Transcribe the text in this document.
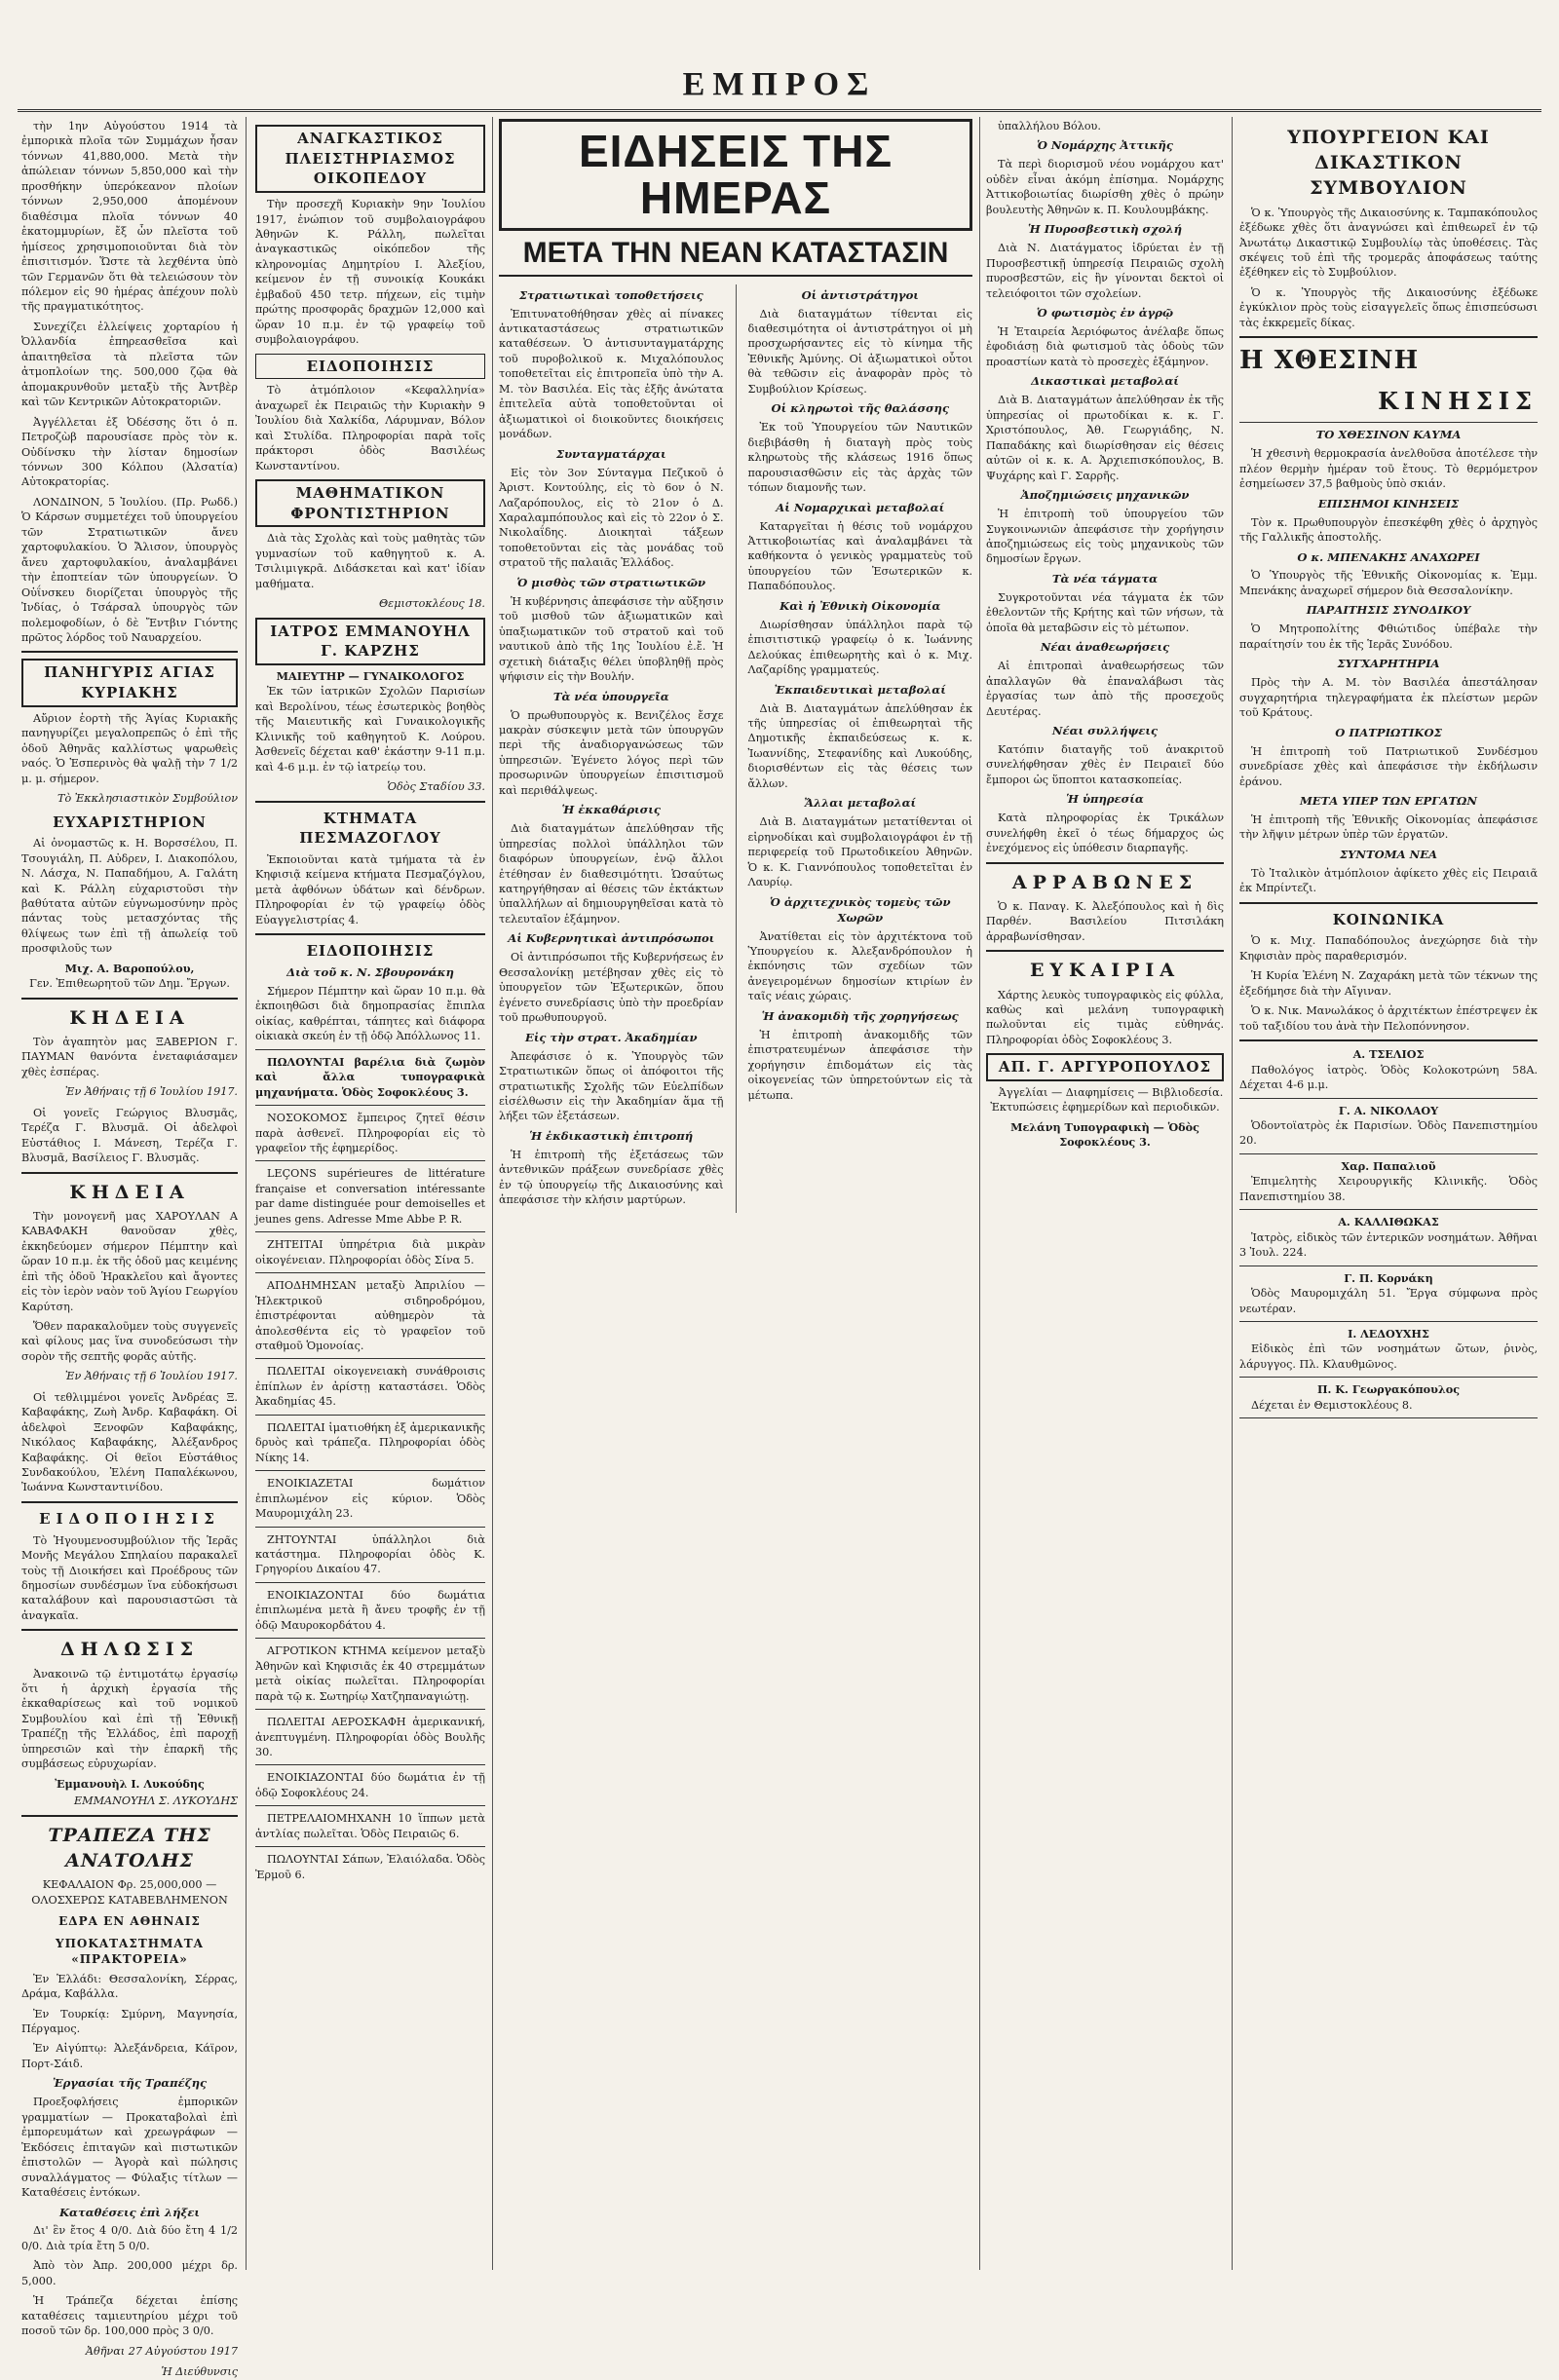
ΕΜΠΡΟΣ

τὴν 1ην Αὐγούστου 1914 τὰ ἐμπορικὰ πλοῖα τῶν Συμμάχων ἦσαν τόννων 41,880,000. Μετὰ τὴν ἀπώλειαν τόννων 5,850,000 καὶ τὴν προσθήκην ὑπερόκεανον πλοίων τόννων 2,950,000 ἀπομένουν διαθέσιμα πλοῖα τόννων 40 ἑκατομμυρίων, ἔξ ὧν πλεῖστα τοῦ ἡμίσεος χρησιμοποιοῦνται διὰ τὸν ἐπισιτισμόν. Ὥστε τὰ λεχθέντα ὑπὸ τῶν Γερμανῶν ὅτι θὰ τελειώσουν τὸν πόλεμον εἰς 90 ἡμέρας ἀπέχουν πολὺ τῆς πραγματικότητος.

Συνεχίζει ἐλλείψεις χορταρίου ἡ Ὀλλανδία ἐπηρεασθεῖσα καὶ ἀπαιτηθεῖσα τὰ πλεῖστα τῶν ἀτμοπλοίων της. 500,000 ζῷα θὰ ἀπομακρυνθοῦν μεταξὺ τῆς Ἀντβὲρ καὶ τῶν Κεντρικῶν Αὐτοκρατοριῶν.

Ἀγγέλλεται ἐξ Ὀδέσσης ὅτι ὁ π. Πετροζὼβ παρουσίασε πρὸς τὸν κ. Οὐδίνσκυ τὴν λίσταν δημοσίων τόννων 300 Κόλπου (Ἀλσατία) Αὐτοκρατορίας.

ΛΟΝΔΙΝΟΝ, 5 Ἰουλίου. (Πρ. Ρωδδ.) Ὁ Κάρσων συμμετέχει τοῦ ὑπουργείου τῶν Στρατιωτικῶν ἄνευ χαρτοφυλακίου. Ὁ Ἄλισον, ὑπουργὸς ἄνευ χαρτοφυλακίου, ἀναλαμβάνει τὴν ἐποπτείαν τῶν ὑπουργείων. Ὁ Οὐΐνσκευ διορίζεται ὑπουργὸς τῆς Ἰνδίας, ὁ Τσάρσαλ ὑπουργὸς τῶν πολεμοφοδίων, ὁ δὲ Ἔντβιν Γιόντης πρῶτος λόρδος τοῦ Ναυαρχείου.

ΠΑΝΗΓΥΡΙΣ ΑΓΙΑΣ ΚΥΡΙΑΚΗΣ

Αὔριον ἑορτὴ τῆς Ἁγίας Κυριακῆς πανηγυρίζει μεγαλοπρεπῶς ὁ ἐπὶ τῆς ὁδοῦ Ἀθηνᾶς καλλίστως ψαρωθεὶς ναός. Ὁ Ἑσπερινὸς θὰ ψαλῇ τὴν 7 1/2 μ. μ. σήμερον.

Τὸ Ἐκκλησιαστικὸν Συμβούλιον
ΕΥΧΑΡΙΣΤΗΡΙΟΝ

Αἱ ὀνομαστῶς κ. Η. Βορσσέλου, Π. Τσουγιάλη, Π. Αὐδρεν, Ι. Διακοπόλου, Ν. Λάσχα, Ν. Παπαδήμου, Α. Γαλάτη καὶ Κ. Ράλλη εὐχαριστοῦσι τὴν βαθύτατα αὐτῶν εὐγνωμοσύνην πρὸς πάντας τοὺς μετασχόντας τῆς θλίψεως των ἐπὶ τῇ ἀπωλείᾳ τοῦ προσφιλοῦς των

Μιχ. Α. Βαροπούλου,
Γεν. Ἐπιθεωρητοῦ τῶν Δημ. Ἔργων.
ΚΗΔΕΙΑ

Τὸν ἀγαπητὸν μας ΞΑΒΕΡΙΟΝ Γ. ΠΑΥΜΑΝ θανόντα ἐνεταφιάσαμεν χθὲς ἑσπέρας.

Ἐν Ἀθήναις τῇ 6 Ἰουλίου 1917.

Οἱ γονεῖς Γεώργιος Βλυσμᾶς, Τερέζα Γ. Βλυσμᾶ. Οἱ ἀδελφοὶ Εὐστάθιος Ι. Μάνεση, Τερέζα Γ. Βλυσμᾶ, Βασίλειος Γ. Βλυσμᾶς.

ΚΗΔΕΙΑ

Τὴν μονογενῆ μας ΧΑΡΟΥΛΑΝ Α ΚΑΒΑΦΑΚΗ θανοῦσαν χθὲς, ἐκκηδεύομεν σήμερον Πέμπτην καὶ ὥραν 10 π.μ. ἐκ τῆς ὁδοῦ μας κειμένης ἐπὶ τῆς ὁδοῦ Ἡρακλεῖου καὶ ἄγοντες εἰς τὸν ἱερὸν ναὸν τοῦ Ἁγίου Γεωργίου Καρύτση.

Ὅθεν παρακαλοῦμεν τοὺς συγγενεῖς καὶ φίλους μας ἵνα συνοδεύσωσι τὴν σορὸν τῆς σεπτῆς φορᾶς αὐτῆς.

Ἐν Ἀθήναις τῇ 6 Ἰουλίου 1917.

Οἱ τεθλιμμένοι γονεῖς Ἀνδρέας Ξ. Καβαφάκης, Ζωὴ Ἀνδρ. Καβαφάκη. Οἱ ἀδελφοὶ Ξενοφῶν Καβαφάκης, Νικόλαος Καβαφάκης, Ἀλέξανδρος Καβαφάκης. Οἱ θεῖοι Εὐστάθιος Συνδακούλου, Ἑλένη Παπαλέκωνου, Ἰωάννα Κωνσταντινίδου.

ΕΙΔΟΠΟΙΗΣΙΣ

Τὸ Ἡγουμενοσυμβούλιον τῆς Ἱερᾶς Μονῆς Μεγάλου Σπηλαίου παρακαλεῖ τοὺς τῇ Διοικήσει καὶ Προέδρους τῶν δημοσίων συνδέσμων ἵνα εὐδοκήσωσι καταλάβουν καὶ παρουσιαστῶσι τὰ ἀναγκαῖα.

ΔΗΛΩΣΙΣ

Ἀνακοινῶ τῷ ἐντιμοτάτῳ ἐργασίῳ ὅτι ἡ ἀρχικὴ ἐργασία τῆς ἐκκαθαρίσεως καὶ τοῦ νομικοῦ Συμβουλίου καὶ ἐπὶ τῇ Ἐθνικῇ Τραπέζῃ τῆς Ἑλλάδος, ἐπὶ παροχῇ ὑπηρεσιῶν καὶ τὴν ἐπαρκῆ τῆς συμβάσεως εὐρυχωρίαν.

Ἐμμανουὴλ Ι. Λυκούδης
ΕΜΜΑΝΟΥΗΛ Σ. ΛΥΚΟΥΔΗΣ
ΤΡΑΠΕΖΑ ΤΗΣ ΑΝΑΤΟΛΗΣ
ΚΕΦΑΛΑΙΟΝ Φρ. 25,000,000 — ΟΛΟΣΧΕΡΩΣ ΚΑΤΑΒΕΒΛΗΜΕΝΟΝ
ΕΔΡΑ ΕΝ ΑΘΗΝΑΙΣ
ΥΠΟΚΑΤΑΣΤΗΜΑΤΑ «ΠΡΑΚΤΟΡΕΙΑ»

Ἐν Ἑλλάδι: Θεσσαλονίκη, Σέρρας, Δράμα, Καβάλλα.

Ἐν Τουρκίᾳ: Σμύρνη, Μαγνησία, Πέργαμος.

Ἐν Αἰγύπτῳ: Ἀλεξάνδρεια, Κάϊρον, Πορτ-Σάιδ.

Ἐργασίαι τῆς Τραπέζης

Προεξοφλήσεις ἐμπορικῶν γραμματίων — Προκαταβολαὶ ἐπὶ ἐμπορευμάτων καὶ χρεωγράφων — Ἐκδόσεις ἐπιταγῶν καὶ πιστωτικῶν ἐπιστολῶν — Ἀγορὰ καὶ πώλησις συναλλάγματος — Φύλαξις τίτλων — Καταθέσεις ἐντόκων.

Καταθέσεις ἐπὶ λήξει

Δι' ἓν ἔτος 4 0/0. Διὰ δύο ἔτη 4 1/2 0/0. Διὰ τρία ἔτη 5 0/0.

Ἀπὸ τὸν Ἀπρ. 200,000 μέχρι δρ. 5,000.

Ἡ Τράπεζα δέχεται ἐπίσης καταθέσεις ταμιευτηρίου μέχρι τοῦ ποσοῦ τῶν δρ. 100,000 πρὸς 3 0/0.

Ἀθῆναι 27 Αὐγούστου 1917
Ἡ Διεύθυνσις
ΑΝΑΓΚΑΣΤΙΚΟΣ ΠΛΕΙΣΤΗΡΙΑΣΜΟΣ ΟΙΚΟΠΕΔΟΥ

Τὴν προσεχῆ Κυριακὴν 9ην Ἰουλίου 1917, ἐνώπιον τοῦ συμβολαιογράφου Ἀθηνῶν Κ. Ράλλη, πωλεῖται ἀναγκαστικῶς οἰκόπεδον τῆς κληρονομίας Δημητρίου Ι. Ἀλεξίου, κείμενον ἐν τῇ συνοικίᾳ Κουκάκι ἐμβαδοῦ 450 τετρ. πήχεων, εἰς τιμὴν πρώτης προσφορᾶς δραχμῶν 12,000 καὶ ὥραν 10 π.μ. ἐν τῷ γραφείῳ τοῦ συμβολαιογράφου.

ΕΙΔΟΠΟΙΗΣΙΣ

Τὸ ἀτμόπλοιον «Κεφαλληνία» ἀναχωρεῖ ἐκ Πειραιῶς τὴν Κυριακὴν 9 Ἰουλίου διὰ Χαλκίδα, Λάρυμναν, Βόλον καὶ Στυλίδα. Πληροφορίαι παρὰ τοῖς πράκτορσι ὁδὸς Βασιλέως Κωνσταντίνου.

ΜΑΘΗΜΑΤΙΚΟΝ ΦΡΟΝΤΙΣΤΗΡΙΟΝ

Διὰ τὰς Σχολὰς καὶ τοὺς μαθητὰς τῶν γυμνασίων τοῦ καθηγητοῦ κ. Α. Τσιλιμιγκρᾶ. Διδάσκεται καὶ κατ' ἰδίαν μαθήματα.

Θεμιστοκλέους 18.
ΙΑΤΡΟΣ ΕΜΜΑΝΟΥΗΛ Γ. ΚΑΡΖΗΣ
ΜΑΙΕΥΤΗΡ — ΓΥΝΑΙΚΟΛΟΓΟΣ

Ἐκ τῶν ἰατρικῶν Σχολῶν Παρισίων καὶ Βερολίνου, τέως ἐσωτερικὸς βοηθὸς τῆς Μαιευτικῆς καὶ Γυναικολογικῆς Κλινικῆς τοῦ καθηγητοῦ Κ. Λούρου. Ἀσθενεῖς δέχεται καθ' ἑκάστην 9-11 π.μ. καὶ 4-6 μ.μ. ἐν τῷ ἰατρείῳ του.

Ὁδὸς Σταδίου 33.
ΚΤΗΜΑΤΑ ΠΕΣΜΑΖΟΓΛΟΥ

Ἐκποιοῦνται κατὰ τμήματα τὰ ἐν Κηφισιᾷ κείμενα κτήματα Πεσμαζόγλου, μετὰ ἀφθόνων ὑδάτων καὶ δένδρων. Πληροφορίαι ἐν τῷ γραφείῳ ὁδὸς Εὐαγγελιστρίας 4.

ΕΙΔΟΠΟΙΗΣΙΣ
Διὰ τοῦ κ. Ν. Σβουρονάκη

Σήμερον Πέμπτην καὶ ὥραν 10 π.μ. θὰ ἐκποιηθῶσι διὰ δημοπρασίας ἔπιπλα οἰκίας, καθρέπται, τάπητες καὶ διάφορα οἰκιακὰ σκεύη ἐν τῇ ὁδῷ Ἀπόλλωνος 11.

ΠΩΛΟΥΝΤΑΙ βαρέλια διὰ ζωμὸν καὶ ἄλλα τυπογραφικὰ μηχανήματα. Ὁδὸς Σοφοκλέους 3.

ΝΟΣΟΚΟΜΟΣ ἔμπειρος ζητεῖ θέσιν παρὰ ἀσθενεῖ. Πληροφορίαι εἰς τὸ γραφεῖον τῆς ἐφημερίδος.

LEÇONS supérieures de littérature française et conversation intéressante par dame distinguée pour demoiselles et jeunes gens. Adresse Mme Abbe P. R.

ΖΗΤΕΙΤΑΙ ὑπηρέτρια διὰ μικρὰν οἰκογένειαν. Πληροφορίαι ὁδὸς Σίνα 5.

ΑΠΟΔΗΜΗΣΑΝ μεταξὺ Ἀπριλίου — Ἡλεκτρικοῦ σιδηροδρόμου, ἐπιστρέφονται αὐθημερὸν τὰ ἀπολεσθέντα εἰς τὸ γραφεῖον τοῦ σταθμοῦ Ὁμονοίας.

ΠΩΛΕΙΤΑΙ οἰκογενειακὴ συνάθροισις ἐπίπλων ἐν ἀρίστῃ καταστάσει. Ὁδὸς Ἀκαδημίας 45.

ΠΩΛΕΙΤΑΙ ἱματιοθήκη ἐξ ἀμερικανικῆς δρυὸς καὶ τράπεζα. Πληροφορίαι ὁδὸς Νίκης 14.

ΕΝΟΙΚΙΑΖΕΤΑΙ δωμάτιον ἐπιπλωμένον εἰς κύριον. Ὁδὸς Μαυρομιχάλη 23.

ΖΗΤΟΥΝΤΑΙ ὑπάλληλοι διὰ κατάστημα. Πληροφορίαι ὁδὸς Κ. Γρηγορίου Δικαίου 47.

ΕΝΟΙΚΙΑΖΟΝΤΑΙ δύο δωμάτια ἐπιπλωμένα μετὰ ἢ ἄνευ τροφῆς ἐν τῇ ὁδῷ Μαυροκορδάτου 4.

ΑΓΡΟΤΙΚΟΝ ΚΤΗΜΑ κείμενον μεταξὺ Ἀθηνῶν καὶ Κηφισιᾶς ἐκ 40 στρεμμάτων μετὰ οἰκίας πωλεῖται. Πληροφορίαι παρὰ τῷ κ. Σωτηρίῳ Χατζηπαναγιώτῃ.

ΠΩΛΕΙΤΑΙ ΑΕΡΟΣΚΑΦΗ ἀμερικανική, ἀνεπτυγμένη. Πληροφορίαι ὁδὸς Βουλῆς 30.

ΕΝΟΙΚΙΑΖΟΝΤΑΙ δύο δωμάτια ἐν τῇ ὁδῷ Σοφοκλέους 24.

ΠΕΤΡΕΛΑΙΟΜΗΧΑΝΗ 10 ἵππων μετὰ ἀντλίας πωλεῖται. Ὁδὸς Πειραιῶς 6.

ΠΩΛΟΥΝΤΑΙ Σάπων, Ἐλαιόλαδα. Ὁδὸς Ἐρμοῦ 6.

ΕΙΔΗΣΕΙΣ ΤΗΣ ΗΜΕΡΑΣ
ΜΕΤΑ ΤΗΝ ΝΕΑΝ ΚΑΤΑΣΤΑΣΙΝ
Στρατιωτικαὶ τοποθετήσεις

Ἐπιτυνατοθήθησαν χθὲς αἱ πίνακες ἀντικαταστάσεως στρατιωτικῶν καταθέσεων. Ὁ ἀντισυνταγματάρχης τοῦ πυροβολικοῦ κ. Μιχαλόπουλος τοποθετεῖται εἰς ἐπιτροπεῖα ὑπὸ τὴν Α. Μ. τὸν Βασιλέα. Εἰς τὰς ἐξῆς ἀνώτατα ἐπιτελεῖα αὐτὰ τοποθετοῦνται οἱ ἀξιωματικοὶ οἱ διοικοῦντες διοικήσεις μονάδων.

Συνταγματάρχαι

Εἰς τὸν 3ον Σύνταγμα Πεζικοῦ ὁ Ἀριστ. Κοντούλης, εἰς τὸ 6ον ὁ Ν. Λαζαρόπουλος, εἰς τὸ 21ον ὁ Δ. Χαραλαμπόπουλος καὶ εἰς τὸ 22ον ὁ Σ. Νικολαΐδης. Διοικηταὶ τάξεων τοποθετοῦνται εἰς τὰς μονάδας τοῦ στρατοῦ τῆς παλαιᾶς Ἑλλάδος.

Ὁ μισθὸς τῶν στρατιωτικῶν

Ἡ κυβέρνησις ἀπεφάσισε τὴν αὔξησιν τοῦ μισθοῦ τῶν ἀξιωματικῶν καὶ ὑπαξιωματικῶν τοῦ στρατοῦ καὶ τοῦ ναυτικοῦ ἀπὸ τῆς 1ης Ἰουλίου ἐ.ἔ. Ἡ σχετικὴ διάταξις θέλει ὑποβληθῇ πρὸς ψήφισιν εἰς τὴν Βουλήν.

Τὰ νέα ὑπουργεῖα

Ὁ πρωθυπουργὸς κ. Βενιζέλος ἔσχε μακρὰν σύσκεψιν μετὰ τῶν ὑπουργῶν περὶ τῆς ἀναδιοργανώσεως τῶν ὑπηρεσιῶν. Ἐγένετο λόγος περὶ τῶν προσωρινῶν ὑπουργείων ἐπισιτισμοῦ καὶ περιθάλψεως.

Ἡ ἐκκαθάρισις

Διὰ διαταγμάτων ἀπελύθησαν τῆς ὑπηρεσίας πολλοὶ ὑπάλληλοι τῶν διαφόρων ὑπουργείων, ἐνῷ ἄλλοι ἐτέθησαν ἐν διαθεσιμότητι. Ὡσαύτως κατηργήθησαν αἱ θέσεις τῶν ἐκτάκτων ὑπαλλήλων αἱ δημιουργηθεῖσαι κατὰ τὸ τελευταῖον ἑξάμηνον.

Αἱ Κυβερνητικαὶ ἀντιπρόσωποι

Οἱ ἀντιπρόσωποι τῆς Κυβερνήσεως ἐν Θεσσαλονίκῃ μετέβησαν χθὲς εἰς τὸ ὑπουργεῖον τῶν Ἐξωτερικῶν, ὅπου ἐγένετο συνεδρίασις ὑπὸ τὴν προεδρίαν τοῦ πρωθυπουργοῦ.

Εἰς τὴν στρατ. Ἀκαδημίαν

Ἀπεφάσισε ὁ κ. Ὑπουργὸς τῶν Στρατιωτικῶν ὅπως οἱ ἀπόφοιτοι τῆς στρατιωτικῆς Σχολῆς τῶν Εὐελπίδων εἰσέλθωσιν εἰς τὴν Ἀκαδημίαν ἅμα τῇ λήξει τῶν ἐξετάσεων.

Ἡ ἐκδικαστικὴ ἐπιτροπή

Ἡ ἐπιτροπὴ τῆς ἐξετάσεως τῶν ἀντεθνικῶν πράξεων συνεδρίασε χθὲς ἐν τῷ ὑπουργείῳ τῆς Δικαιοσύνης καὶ ἀπεφάσισε τὴν κλήσιν μαρτύρων.

Οἱ ἀντιστράτηγοι

Διὰ διαταγμάτων τίθενται εἰς διαθεσιμότητα οἱ ἀντιστράτηγοι οἱ μὴ προσχωρήσαντες εἰς τὸ κίνημα τῆς Ἐθνικῆς Ἀμύνης. Οἱ ἀξιωματικοὶ οὗτοι θὰ τεθῶσιν εἰς ἀναφορὰν πρὸς τὸ Συμβούλιον Κρίσεως.

Οἱ κληρωτοὶ τῆς θαλάσσης

Ἐκ τοῦ Ὑπουργείου τῶν Ναυτικῶν διεβιβάσθη ἡ διαταγὴ πρὸς τοὺς κληρωτοὺς τῆς κλάσεως 1916 ὅπως παρουσιασθῶσιν εἰς τὰς ἀρχὰς τῶν τόπων διαμονῆς των.

Αἱ Νομαρχικαὶ μεταβολαί

Καταργεῖται ἡ θέσις τοῦ νομάρχου Ἀττικοβοιωτίας καὶ ἀναλαμβάνει τὰ καθήκοντα ὁ γενικὸς γραμματεὺς τοῦ ὑπουργείου τῶν Ἐσωτερικῶν κ. Παπαδόπουλος.

Καὶ ἡ Ἐθνικὴ Οἰκονομία

Διωρίσθησαν ὑπάλληλοι παρὰ τῷ ἐπισιτιστικῷ γραφείῳ ὁ κ. Ἰωάννης Δελούκας ἐπιθεωρητὴς καὶ ὁ κ. Μιχ. Λαζαρίδης γραμματεύς.

Ἐκπαιδευτικαὶ μεταβολαί

Διὰ Β. Διαταγμάτων ἀπελύθησαν ἐκ τῆς ὑπηρεσίας οἱ ἐπιθεωρηταὶ τῆς Δημοτικῆς ἐκπαιδεύσεως κ. κ. Ἰωαννίδης, Στεφανίδης καὶ Λυκούδης, διορισθέντων εἰς τὰς θέσεις των ἄλλων.

Ἄλλαι μεταβολαί

Διὰ Β. Διαταγμάτων μετατίθενται οἱ εἰρηνοδίκαι καὶ συμβολαιογράφοι ἐν τῇ περιφερείᾳ τοῦ Πρωτοδικείου Ἀθηνῶν. Ὁ κ. Κ. Γιαννόπουλος τοποθετεῖται ἐν Λαυρίῳ.

Ὁ ἀρχιτεχνικὸς τομεὺς τῶν Χωρῶν

Ἀνατίθεται εἰς τὸν ἀρχιτέκτονα τοῦ Ὑπουργείου κ. Ἀλεξανδρόπουλον ἡ ἐκπόνησις τῶν σχεδίων τῶν ἀνεγειρομένων δημοσίων κτιρίων ἐν ταῖς νέαις χώραις.

Ἡ ἀνακομιδὴ τῆς χορηγήσεως

Ἡ ἐπιτροπὴ ἀνακομιδῆς τῶν ἐπιστρατευμένων ἀπεφάσισε τὴν χορήγησιν ἐπιδομάτων εἰς τὰς οἰκογενείας τῶν ὑπηρετούντων εἰς τὰ μέτωπα.

ὑπαλλήλου Βόλου.

Ὁ Νομάρχης Ἀττικῆς

Τὰ περὶ διορισμοῦ νέου νομάρχου κατ' οὐδὲν εἶναι ἀκόμη ἐπίσημα. Νομάρχης Ἀττικοβοιωτίας διωρίσθη χθὲς ὁ πρώην βουλευτὴς Ἀθηνῶν κ. Π. Κουλουμβάκης.

Ἡ Πυροσβεστικὴ σχολή

Διὰ Ν. Διατάγματος ἱδρύεται ἐν τῇ Πυροσβεστικῇ ὑπηρεσίᾳ Πειραιῶς σχολὴ πυροσβεστῶν, εἰς ἣν γίνονται δεκτοὶ οἱ τελειόφοιτοι τῶν σχολείων.

Ὁ φωτισμὸς ἐν ἀγρῷ

Ἡ Ἐταιρεία Ἀεριόφωτος ἀνέλαβε ὅπως ἐφοδιάσῃ διὰ φωτισμοῦ τὰς ὁδοὺς τῶν προαστίων κατὰ τὸ προσεχὲς ἑξάμηνον.

Δικαστικαὶ μεταβολαί

Διὰ Β. Διαταγμάτων ἀπελύθησαν ἐκ τῆς ὑπηρεσίας οἱ πρωτοδίκαι κ. κ. Γ. Χριστόπουλος, Ἀθ. Γεωργιάδης, Ν. Παπαδάκης καὶ διωρίσθησαν εἰς θέσεις αὐτῶν οἱ κ. κ. Α. Ἀρχιεπισκόπουλος, Β. Ψυχάρης καὶ Γ. Σαρρῆς.

Ἀποζημιώσεις μηχανικῶν

Ἡ ἐπιτροπὴ τοῦ ὑπουργείου τῶν Συγκοινωνιῶν ἀπεφάσισε τὴν χορήγησιν ἀποζημιώσεως εἰς τοὺς μηχανικοὺς τῶν δημοσίων ἔργων.

Τὰ νέα τάγματα

Συγκροτοῦνται νέα τάγματα ἐκ τῶν ἐθελοντῶν τῆς Κρήτης καὶ τῶν νήσων, τὰ ὁποῖα θὰ μεταβῶσιν εἰς τὸ μέτωπον.

Νέαι ἀναθεωρήσεις

Αἱ ἐπιτροπαὶ ἀναθεωρήσεως τῶν ἀπαλλαγῶν θὰ ἐπαναλάβωσι τὰς ἐργασίας των ἀπὸ τῆς προσεχοῦς Δευτέρας.

Νέαι συλλήψεις

Κατόπιν διαταγῆς τοῦ ἀνακριτοῦ συνελήφθησαν χθὲς ἐν Πειραιεῖ δύο ἔμποροι ὡς ὕποπτοι κατασκοπείας.

Ἡ ὑπηρεσία

Κατὰ πληροφορίας ἐκ Τρικάλων συνελήφθη ἐκεῖ ὁ τέως δήμαρχος ὡς ἐνεχόμενος εἰς ὑπόθεσιν διαρπαγῆς.

ΑΡΡΑΒΩΝΕΣ

Ὁ κ. Παναγ. Κ. Ἀλεξόπουλος καὶ ἡ δὶς Παρθέν. Βασιλείου Πιτσιλάκη ἀρραβωνίσθησαν.

ΕΥΚΑΙΡΙΑ

Χάρτης λευκὸς τυπογραφικὸς εἰς φύλλα, καθὼς καὶ μελάνη τυπογραφικὴ πωλοῦνται εἰς τιμὰς εὐθηνάς. Πληροφορίαι ὁδὸς Σοφοκλέους 3.

ΑΠ. Γ. ΑΡΓΥΡΟΠΟΥΛΟΣ

Ἀγγελίαι — Διαφημίσεις — Βιβλιοδεσία. Ἐκτυπώσεις ἐφημερίδων καὶ περιοδικῶν.

Μελάνη Τυπογραφικὴ — Ὁδὸς Σοφοκλέους 3.
ΥΠΟΥΡΓΕΙΟΝ ΚΑΙ ΔΙΚΑΣΤΙΚΟΝ ΣΥΜΒΟΥΛΙΟΝ

Ὁ κ. Ὑπουργὸς τῆς Δικαιοσύνης κ. Ταμπακόπουλος ἐξέδωκε χθὲς ὅτι ἀναγνώσει καὶ ἐπιθεωρεῖ ἐν τῷ Ἀνωτάτῳ Δικαστικῷ Συμβουλίῳ τὰς ὑποθέσεις. Τὰς σκέψεις τοῦ ἐπὶ τῆς τρομερᾶς ἀποφάσεως ταύτης ἐξέθηκεν εἰς τὸ Συμβούλιον.

Ὁ κ. Ὑπουργὸς τῆς Δικαιοσύνης ἐξέδωκε ἐγκύκλιον πρὸς τοὺς εἰσαγγελεῖς ὅπως ἐπισπεύσωσι τὰς ἐκκρεμεῖς δίκας.

Η ΧΘΕΣΙΝΗ
ΚΙΝΗΣΙΣ
ΤΟ ΧΘΕΣΙΝΟΝ ΚΑΥΜΑ

Ἡ χθεσινὴ θερμοκρασία ἀνελθοῦσα ἀποτέλεσε τὴν πλέον θερμὴν ἡμέραν τοῦ ἔτους. Τὸ θερμόμετρον ἐσημείωσεν 37,5 βαθμοὺς ὑπὸ σκιάν.

ΕΠΙΣΗΜΟΙ ΚΙΝΗΣΕΙΣ

Τὸν κ. Πρωθυπουργὸν ἐπεσκέφθη χθὲς ὁ ἀρχηγὸς τῆς Γαλλικῆς ἀποστολῆς.

Ο κ. ΜΠΕΝΑΚΗΣ ΑΝΑΧΩΡΕΙ

Ὁ Ὑπουργὸς τῆς Ἐθνικῆς Οἰκονομίας κ. Ἐμμ. Μπενάκης ἀναχωρεῖ σήμερον διὰ Θεσσαλονίκην.

ΠΑΡΑΙΤΗΣΙΣ ΣΥΝΟΔΙΚΟΥ

Ὁ Μητροπολίτης Φθιώτιδος ὑπέβαλε τὴν παραίτησίν του ἐκ τῆς Ἱερᾶς Συνόδου.

ΣΥΓΧΑΡΗΤΗΡΙΑ

Πρὸς τὴν Α. Μ. τὸν Βασιλέα ἀπεστάλησαν συγχαρητήρια τηλεγραφήματα ἐκ πλείστων μερῶν τοῦ Κράτους.

Ο ΠΑΤΡΙΩΤΙΚΟΣ

Ἡ ἐπιτροπὴ τοῦ Πατριωτικοῦ Συνδέσμου συνεδρίασε χθὲς καὶ ἀπεφάσισε τὴν ἐκδήλωσιν ἐράνου.

ΜΕΤΑ ΥΠΕΡ ΤΩΝ ΕΡΓΑΤΩΝ

Ἡ ἐπιτροπὴ τῆς Ἐθνικῆς Οἰκονομίας ἀπεφάσισε τὴν λῆψιν μέτρων ὑπὲρ τῶν ἐργατῶν.

ΣΥΝΤΟΜΑ ΝΕΑ

Τὸ Ἰταλικὸν ἀτμόπλοιον ἀφίκετο χθὲς εἰς Πειραιᾶ ἐκ Μπρίντεζι.

ΚΟΙΝΩΝΙΚΑ

Ὁ κ. Μιχ. Παπαδόπουλος ἀνεχώρησε διὰ τὴν Κηφισιὰν πρὸς παραθερισμόν.

Ἡ Κυρία Ἑλένη Ν. Ζαχαράκη μετὰ τῶν τέκνων της ἐξεδήμησε διὰ τὴν Αἴγιναν.

Ὁ κ. Νικ. Μανωλάκος ὁ ἀρχιτέκτων ἐπέστρεψεν ἐκ τοῦ ταξιδίου του ἀνὰ τὴν Πελοπόννησον.

Α. ΤΣΕΛΙΟΣ

Παθολόγος ἰατρὸς. Ὁδὸς Κολοκοτρώνη 58Α. Δέχεται 4-6 μ.μ.

Γ. Α. ΝΙΚΟΛΑΟΥ

Ὁδοντοϊατρὸς ἐκ Παρισίων. Ὁδὸς Πανεπιστημίου 20.

Χαρ. Παπαλιοῦ

Ἐπιμελητὴς Χειρουργικῆς Κλινικῆς. Ὁδὸς Πανεπιστημίου 38.

Α. ΚΑΛΛΙΘΩΚΑΣ

Ἰατρὸς, εἰδικὸς τῶν ἐντερικῶν νοσημάτων. Ἀθῆναι 3 Ἰουλ. 224.

Γ. Π. Κορνάκη

Ὁδὸς Μαυρομιχάλη 51. Ἔργα σύμφωνα πρὸς νεωτέραν.

Ι. ΛΕΔΟΥΧΗΣ

Εἰδικὸς ἐπὶ τῶν νοσημάτων ὤτων, ῥινὸς, λάρυγγος. Πλ. Κλαυθμῶνος.

Π. Κ. Γεωργακόπουλος

Δέχεται ἐν Θεμιστοκλέους 8.
